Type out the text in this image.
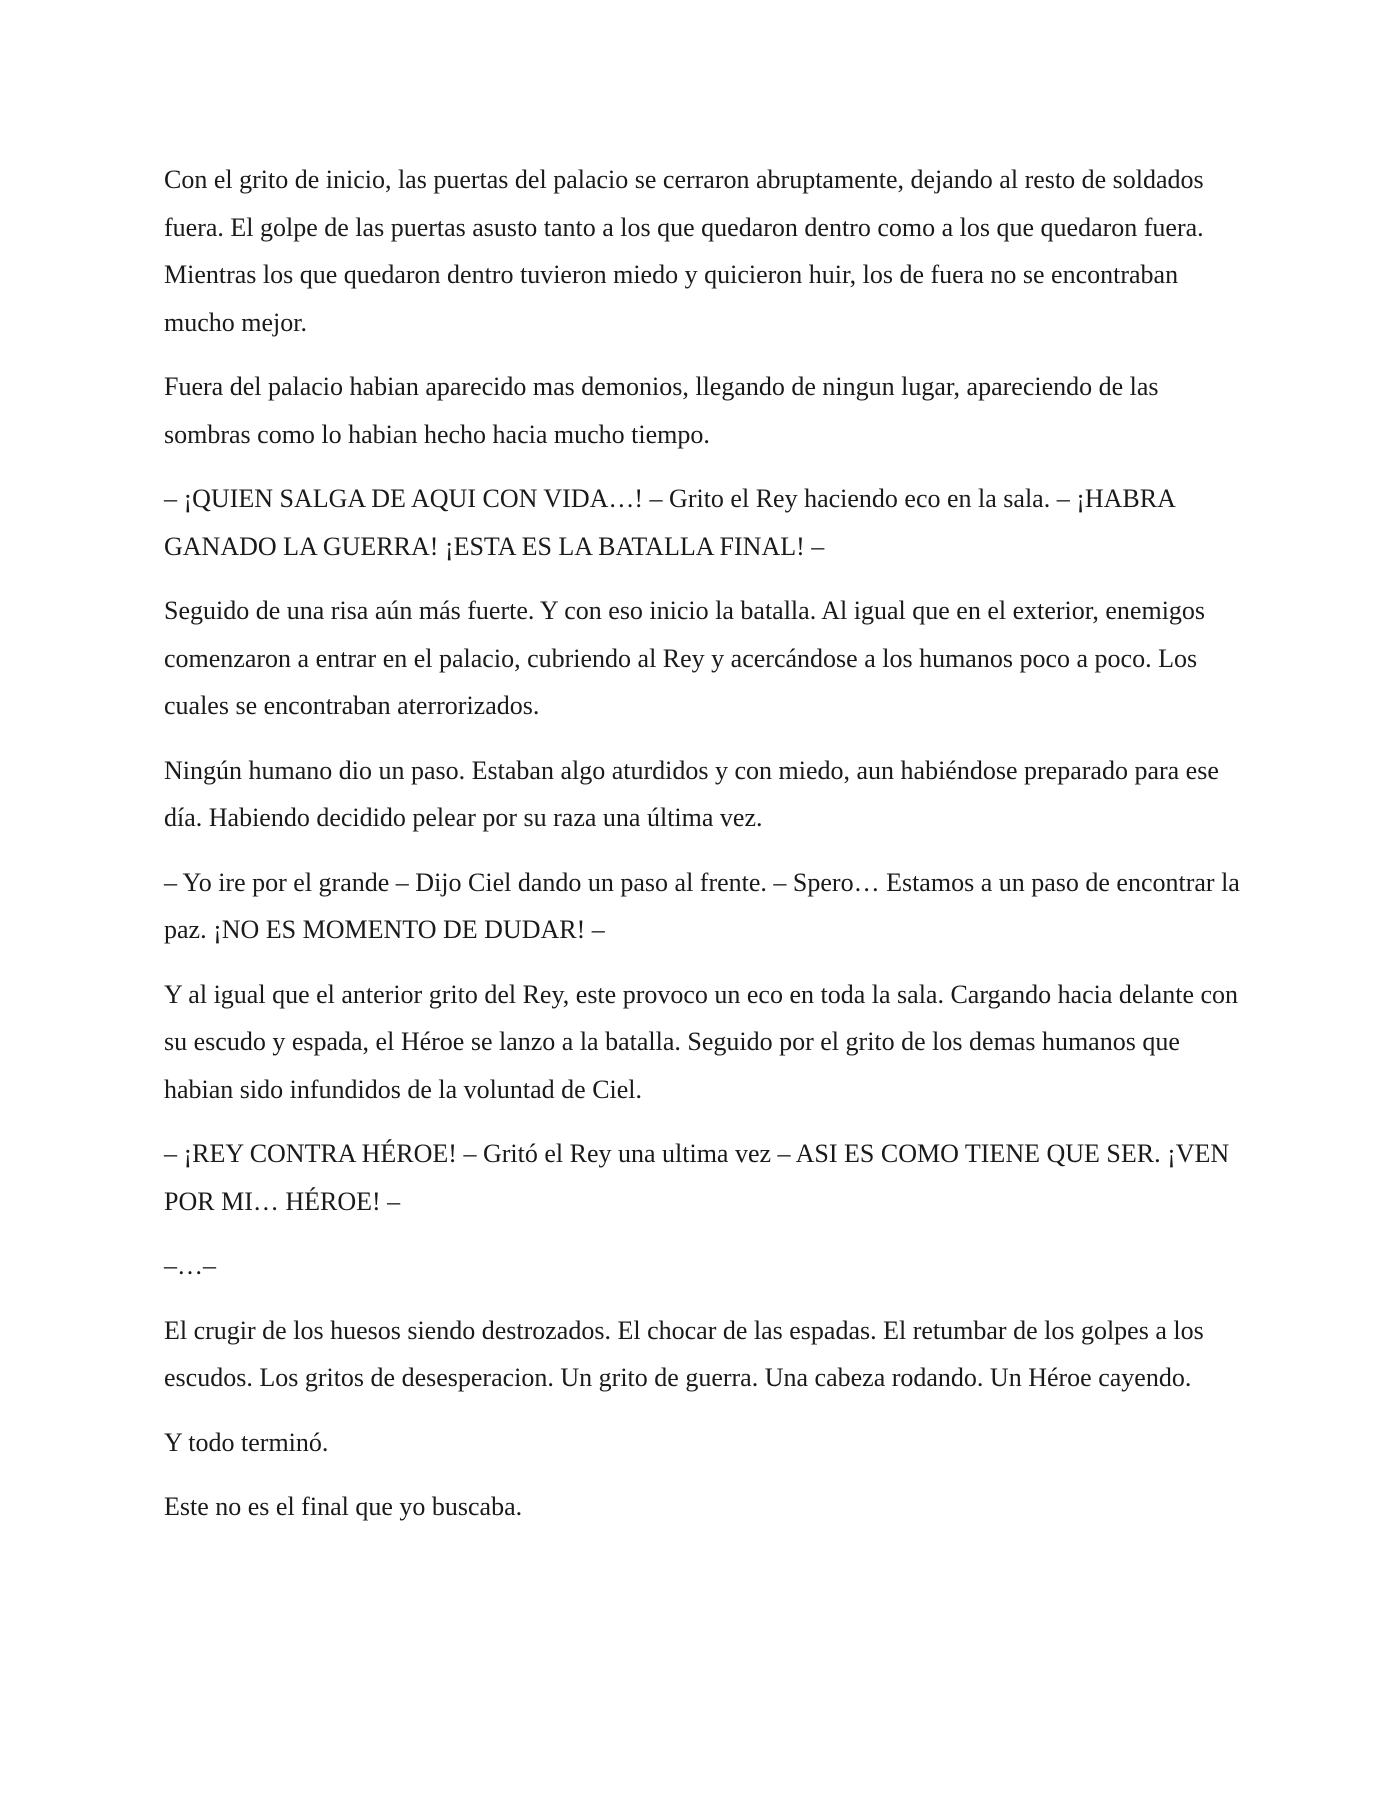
Con el grito de inicio, las puertas del palacio se cerraron abruptamente, dejando al resto de soldados fuera. El golpe de las puertas asusto tanto a los que quedaron dentro como a los que quedaron fuera. Mientras los que quedaron dentro tuvieron miedo y quicieron huir, los de fuera no se encontraban mucho mejor.

Fuera del palacio habian aparecido mas demonios, llegando de ningun lugar, apareciendo de las sombras como lo habian hecho hacia mucho tiempo.

– ¡QUIEN SALGA DE AQUI CON VIDA…! – Grito el Rey haciendo eco en la sala. – ¡HABRA GANADO LA GUERRA! ¡ESTA ES LA BATALLA FINAL! –

Seguido de una risa aún más fuerte. Y con eso inicio la batalla. Al igual que en el exterior, enemigos comenzaron a entrar en el palacio, cubriendo al Rey y acercándose a los humanos poco a poco. Los cuales se encontraban aterrorizados.

Ningún humano dio un paso. Estaban algo aturdidos y con miedo, aun habiéndose preparado para ese día. Habiendo decidido pelear por su raza una última vez.

– Yo ire por el grande – Dijo Ciel dando un paso al frente. – Spero… Estamos a un paso de encontrar la paz. ¡NO ES MOMENTO DE DUDAR! –

Y al igual que el anterior grito del Rey, este provoco un eco en toda la sala. Cargando hacia delante con su escudo y espada, el Héroe se lanzo a la batalla. Seguido por el grito de los demas humanos que habian sido infundidos de la voluntad de Ciel.

– ¡REY CONTRA HÉROE! – Gritó el Rey una ultima vez – ASI ES COMO TIENE QUE SER. ¡VEN POR MI… HÉROE! –

–…–

El crugir de los huesos siendo destrozados. El chocar de las espadas. El retumbar de los golpes a los escudos. Los gritos de desesperacion. Un grito de guerra. Una cabeza rodando. Un Héroe cayendo.

Y todo terminó.

Este no es el final que yo buscaba.
